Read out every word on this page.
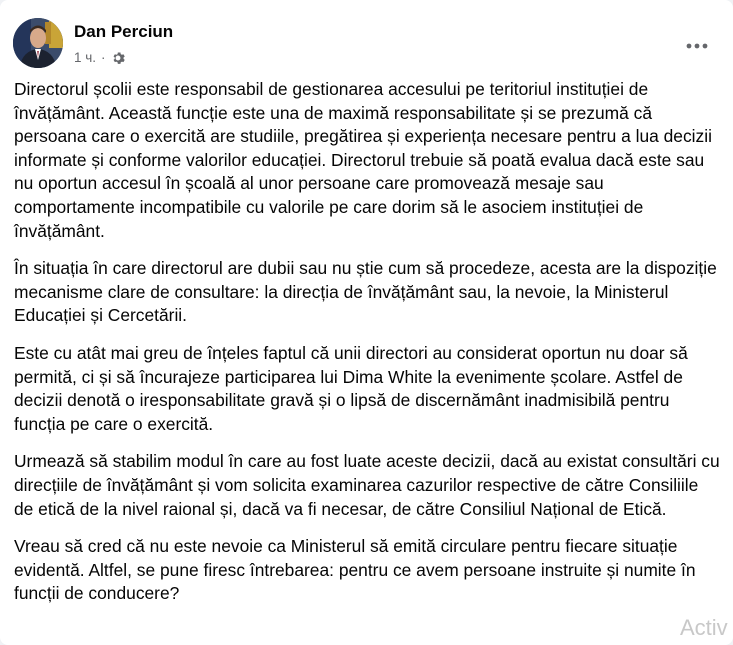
Dan Perciun
1 ч. ·

Directorul școlii este responsabil de gestionarea accesului pe teritoriul instituției de învățământ. Această funcție este una de maximă responsabilitate și se prezumă că persoana care o exercită are studiile, pregătirea și experiența necesare pentru a lua decizii informate și conforme valorilor educației. Directorul trebuie să poată evalua dacă este sau nu oportun accesul în școală al unor persoane care promovează mesaje sau comportamente incompatibile cu valorile pe care dorim să le asociem instituției de învățământ.

În situația în care directorul are dubii sau nu știe cum să procedeze, acesta are la dispoziție mecanisme clare de consultare: la direcția de învățământ sau, la nevoie, la Ministerul Educației și Cercetării.

Este cu atât mai greu de înțeles faptul că unii directori au considerat oportun nu doar să permită, ci și să încurajeze participarea lui Dima White la evenimente școlare. Astfel de decizii denotă o iresponsabilitate gravă și o lipsă de discernământ inadmisibilă pentru funcția pe care o exercită.

Urmează să stabilim modul în care au fost luate aceste decizii, dacă au existat consultări cu direcțiile de învățământ și vom solicita examinarea cazurilor respective de către Consiliile de etică de la nivel raional și, dacă va fi necesar, de către Consiliul Național de Etică.

Vreau să cred că nu este nevoie ca Ministerul să emită circulare pentru fiecare situație evidentă. Altfel, se pune firesc întrebarea: pentru ce avem persoane instruite și numite în funcții de conducere?

Activ
